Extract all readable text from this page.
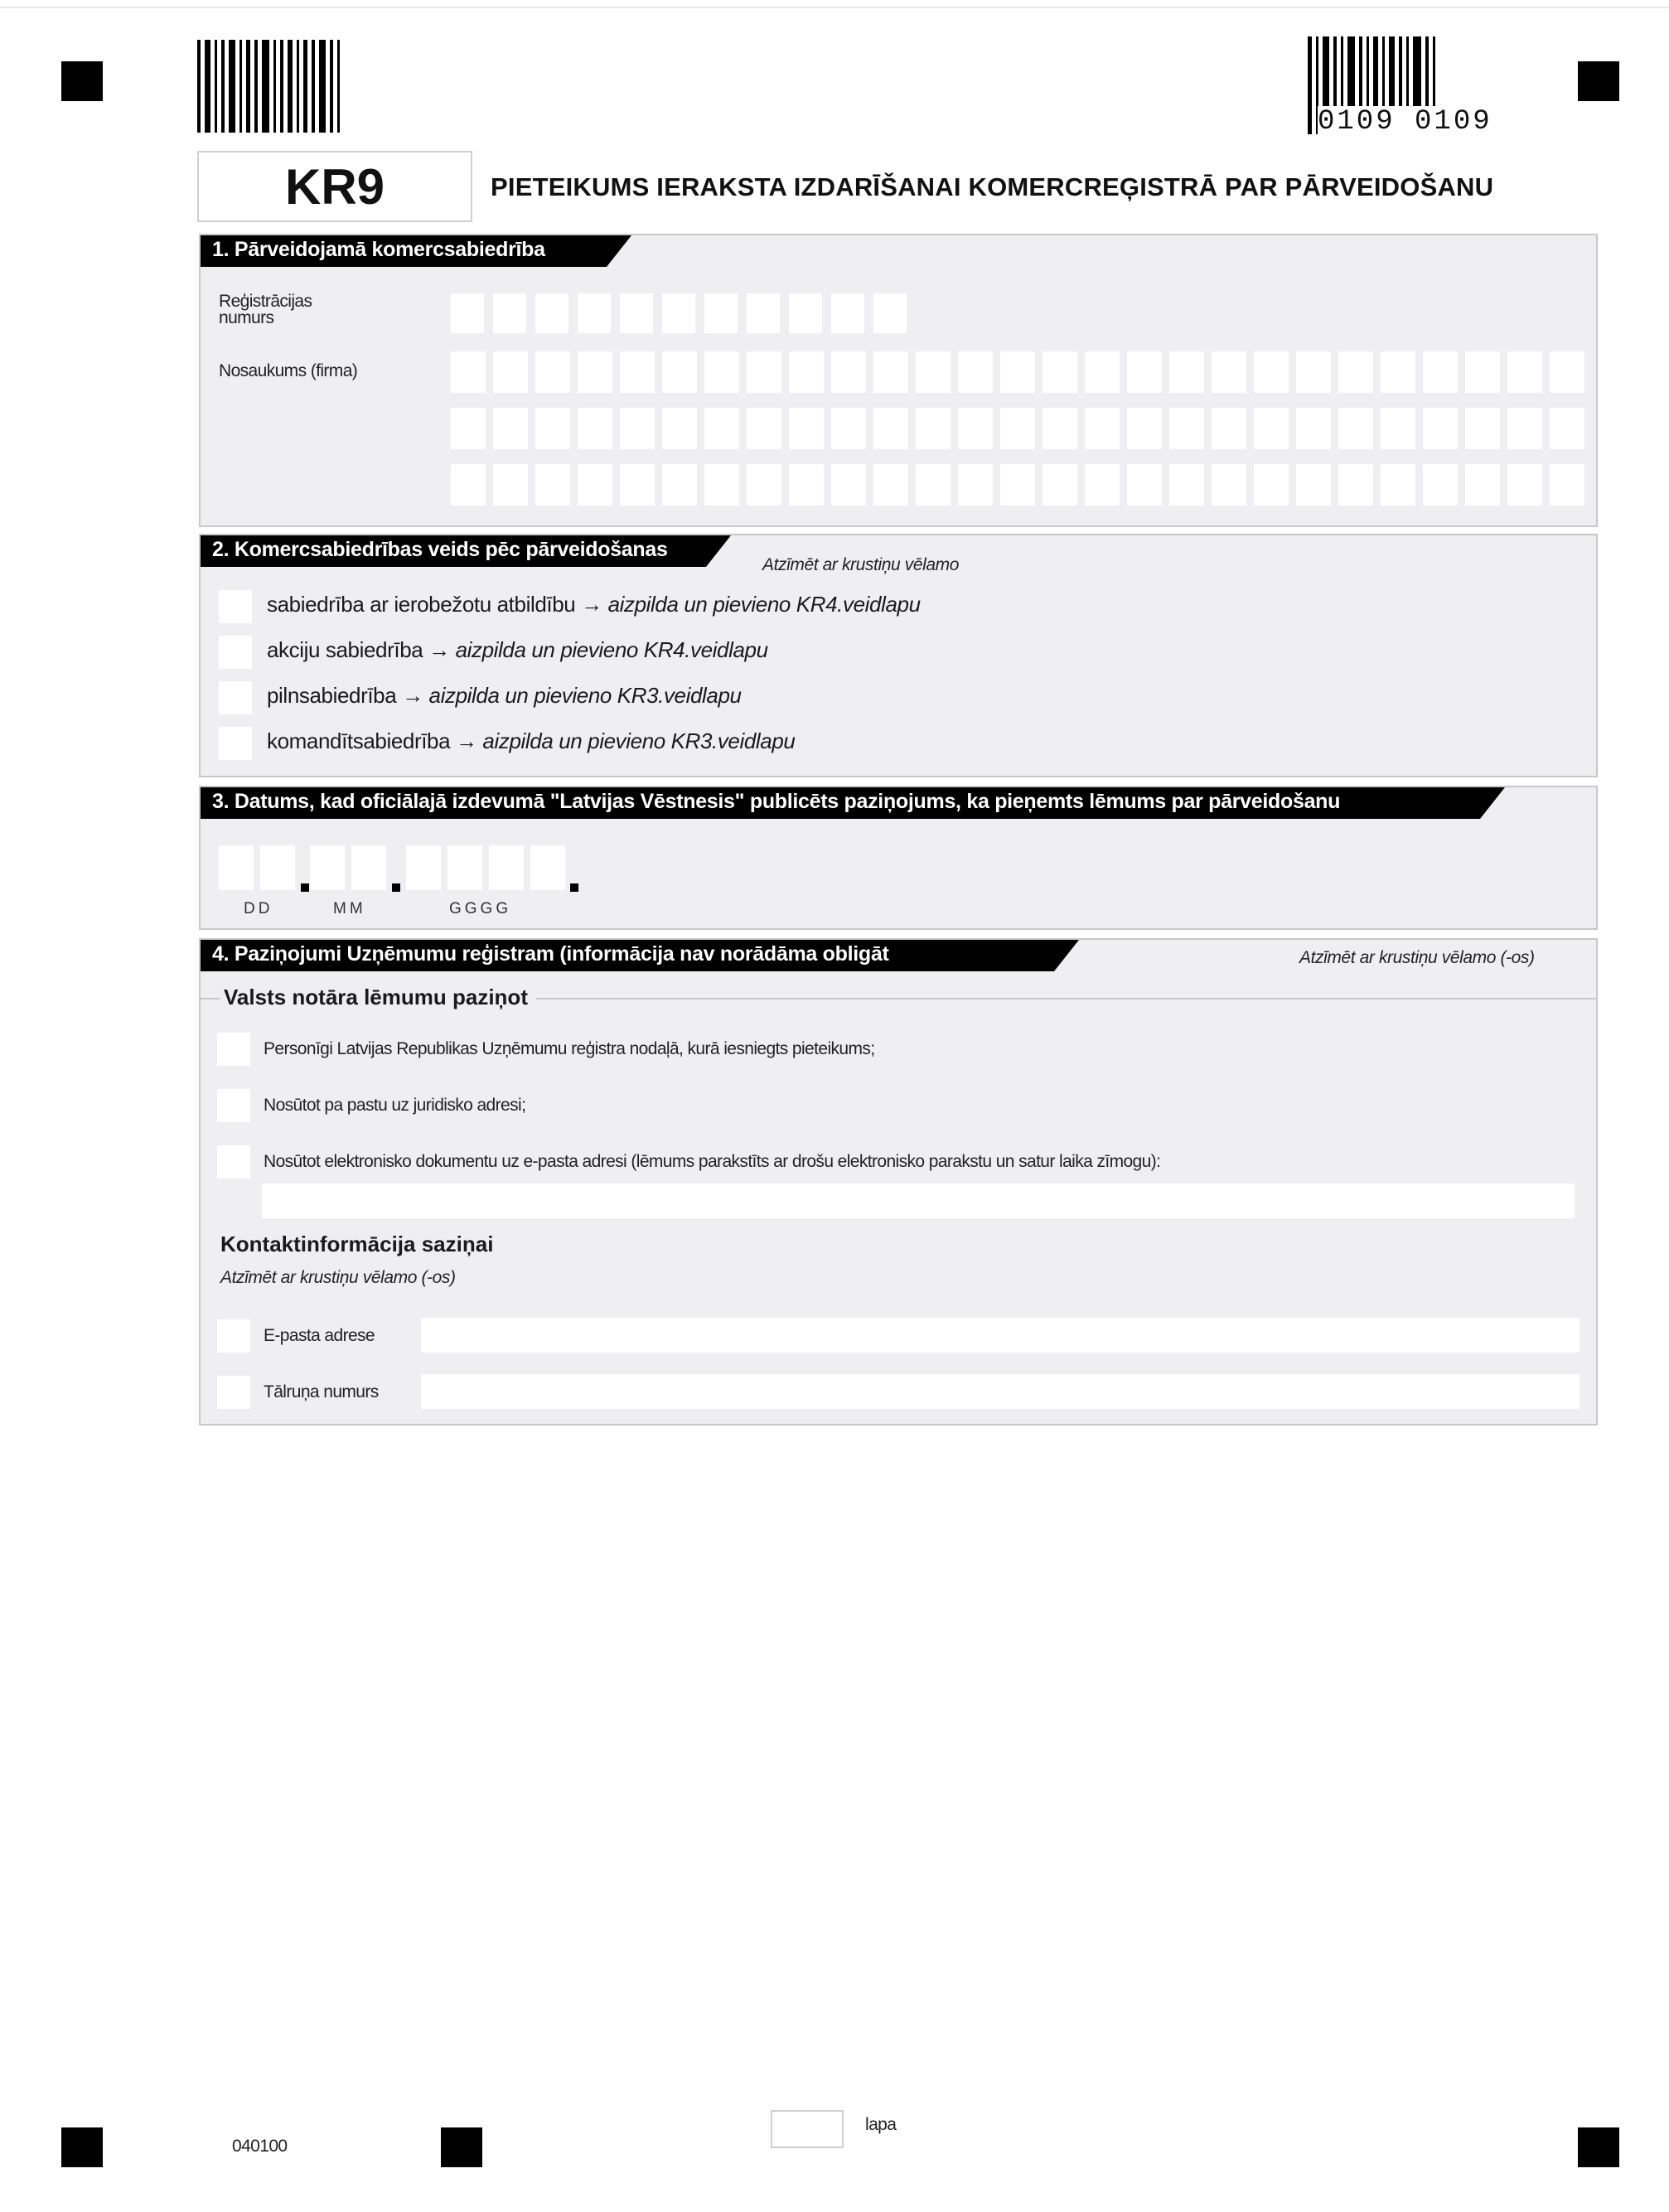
0109 0109
KR9	PIETEIKUMS IERAKSTA IZDARĪŠANAI KOMERCREĢISTRĀ PAR PĀRVEIDOŠANU
1. Pārveidojamā komercsabiedrība
Reģistrācijas
numurs
Nosaukums (firma)
2. Komercsabiedrības veids pēc pārveidošanas
Atzīmēt ar krustiņu vēlamo
sabiedrība ar ierobežotu atbildību → aizpilda un pievieno KR4.veidlapu
akciju sabiedrība → aizpilda un pievieno KR4.veidlapu
pilnsabiedrība → aizpilda un pievieno KR3.veidlapu
komandītsabiedrība → aizpilda un pievieno KR3.veidlapu
3. Datums, kad oficiālajā izdevumā "Latvijas Vēstnesis" publicēts paziņojums, ka pieņemts lēmums par pārveidošanu
DD	MM	GGGG
4. Paziņojumi Uzņēmumu reģistram (informācija nav norādāma obligāt	Atzīmēt ar krustiņu vēlamo (-os)
Valsts notāra lēmumu paziņot
Personīgi Latvijas Republikas Uzņēmumu reģistra nodaļā, kurā iesniegts pieteikums;
Nosūtot pa pastu uz juridisko adresi;
Nosūtot elektronisko dokumentu uz e-pasta adresi (lēmums parakstīts ar drošu elektronisko parakstu un satur laika zīmogu):
Kontaktinformācija saziņai
Atzīmēt ar krustiņu vēlamo (-os)
E-pasta adrese
Tālruņa numurs
040100
lapa
